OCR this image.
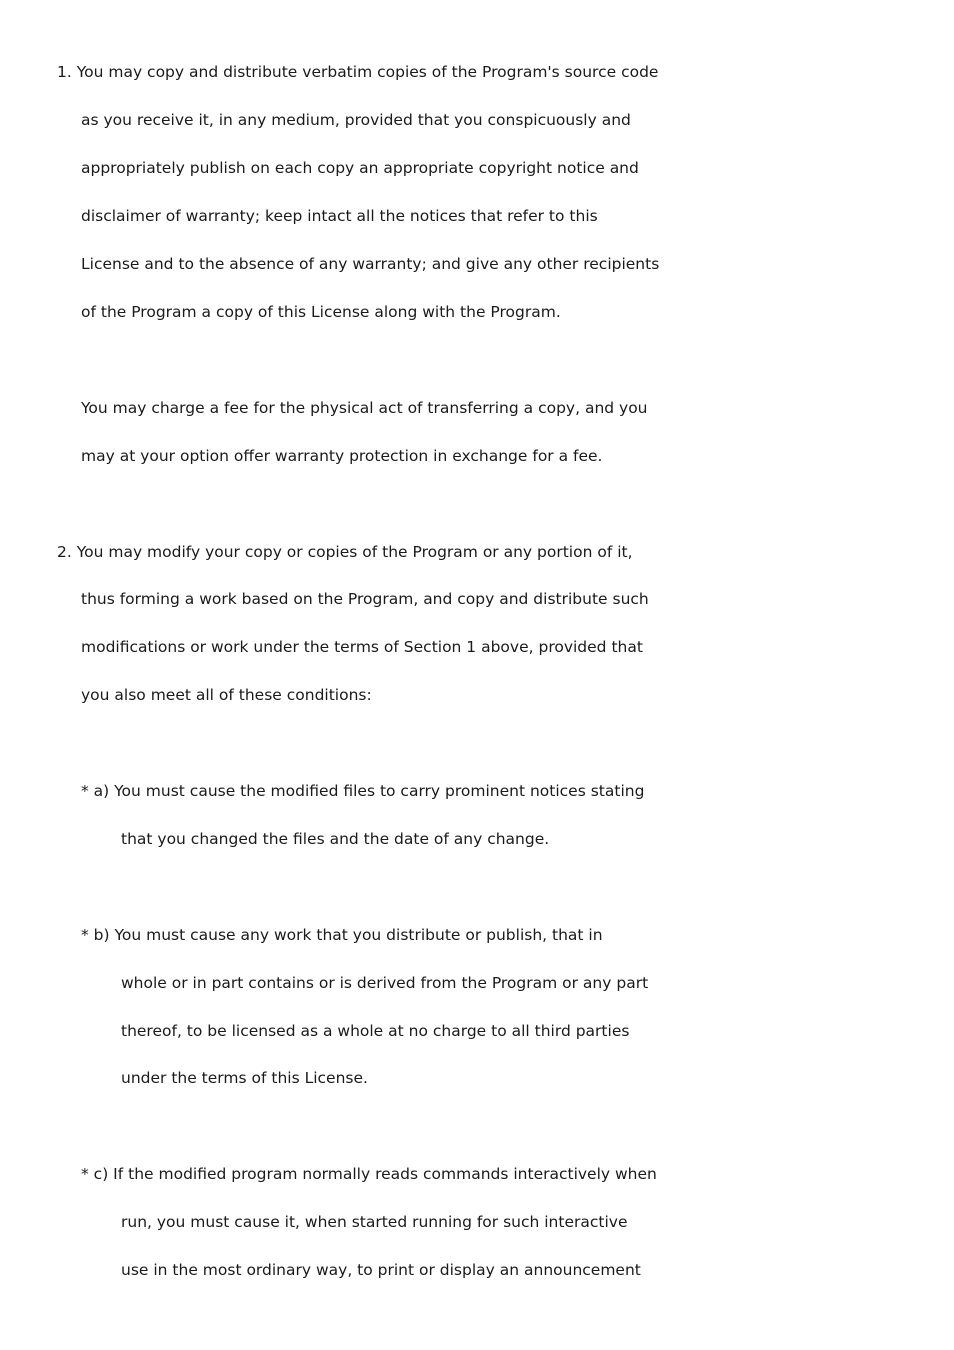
1. You may copy and distribute verbatim copies of the Program's source code
as you receive it, in any medium, provided that you conspicuously and
appropriately publish on each copy an appropriate copyright notice and
disclaimer of warranty; keep intact all the notices that refer to this
License and to the absence of any warranty; and give any other recipients
of the Program a copy of this License along with the Program.
You may charge a fee for the physical act of transferring a copy, and you
may at your option offer warranty protection in exchange for a fee.
2. You may modify your copy or copies of the Program or any portion of it,
thus forming a work based on the Program, and copy and distribute such
modifications or work under the terms of Section 1 above, provided that
you also meet all of these conditions:
* a) You must cause the modified files to carry prominent notices stating
that you changed the files and the date of any change.
* b) You must cause any work that you distribute or publish, that in
whole or in part contains or is derived from the Program or any part
thereof, to be licensed as a whole at no charge to all third parties
under the terms of this License.
* c) If the modified program normally reads commands interactively when
run, you must cause it, when started running for such interactive
use in the most ordinary way, to print or display an announcement
